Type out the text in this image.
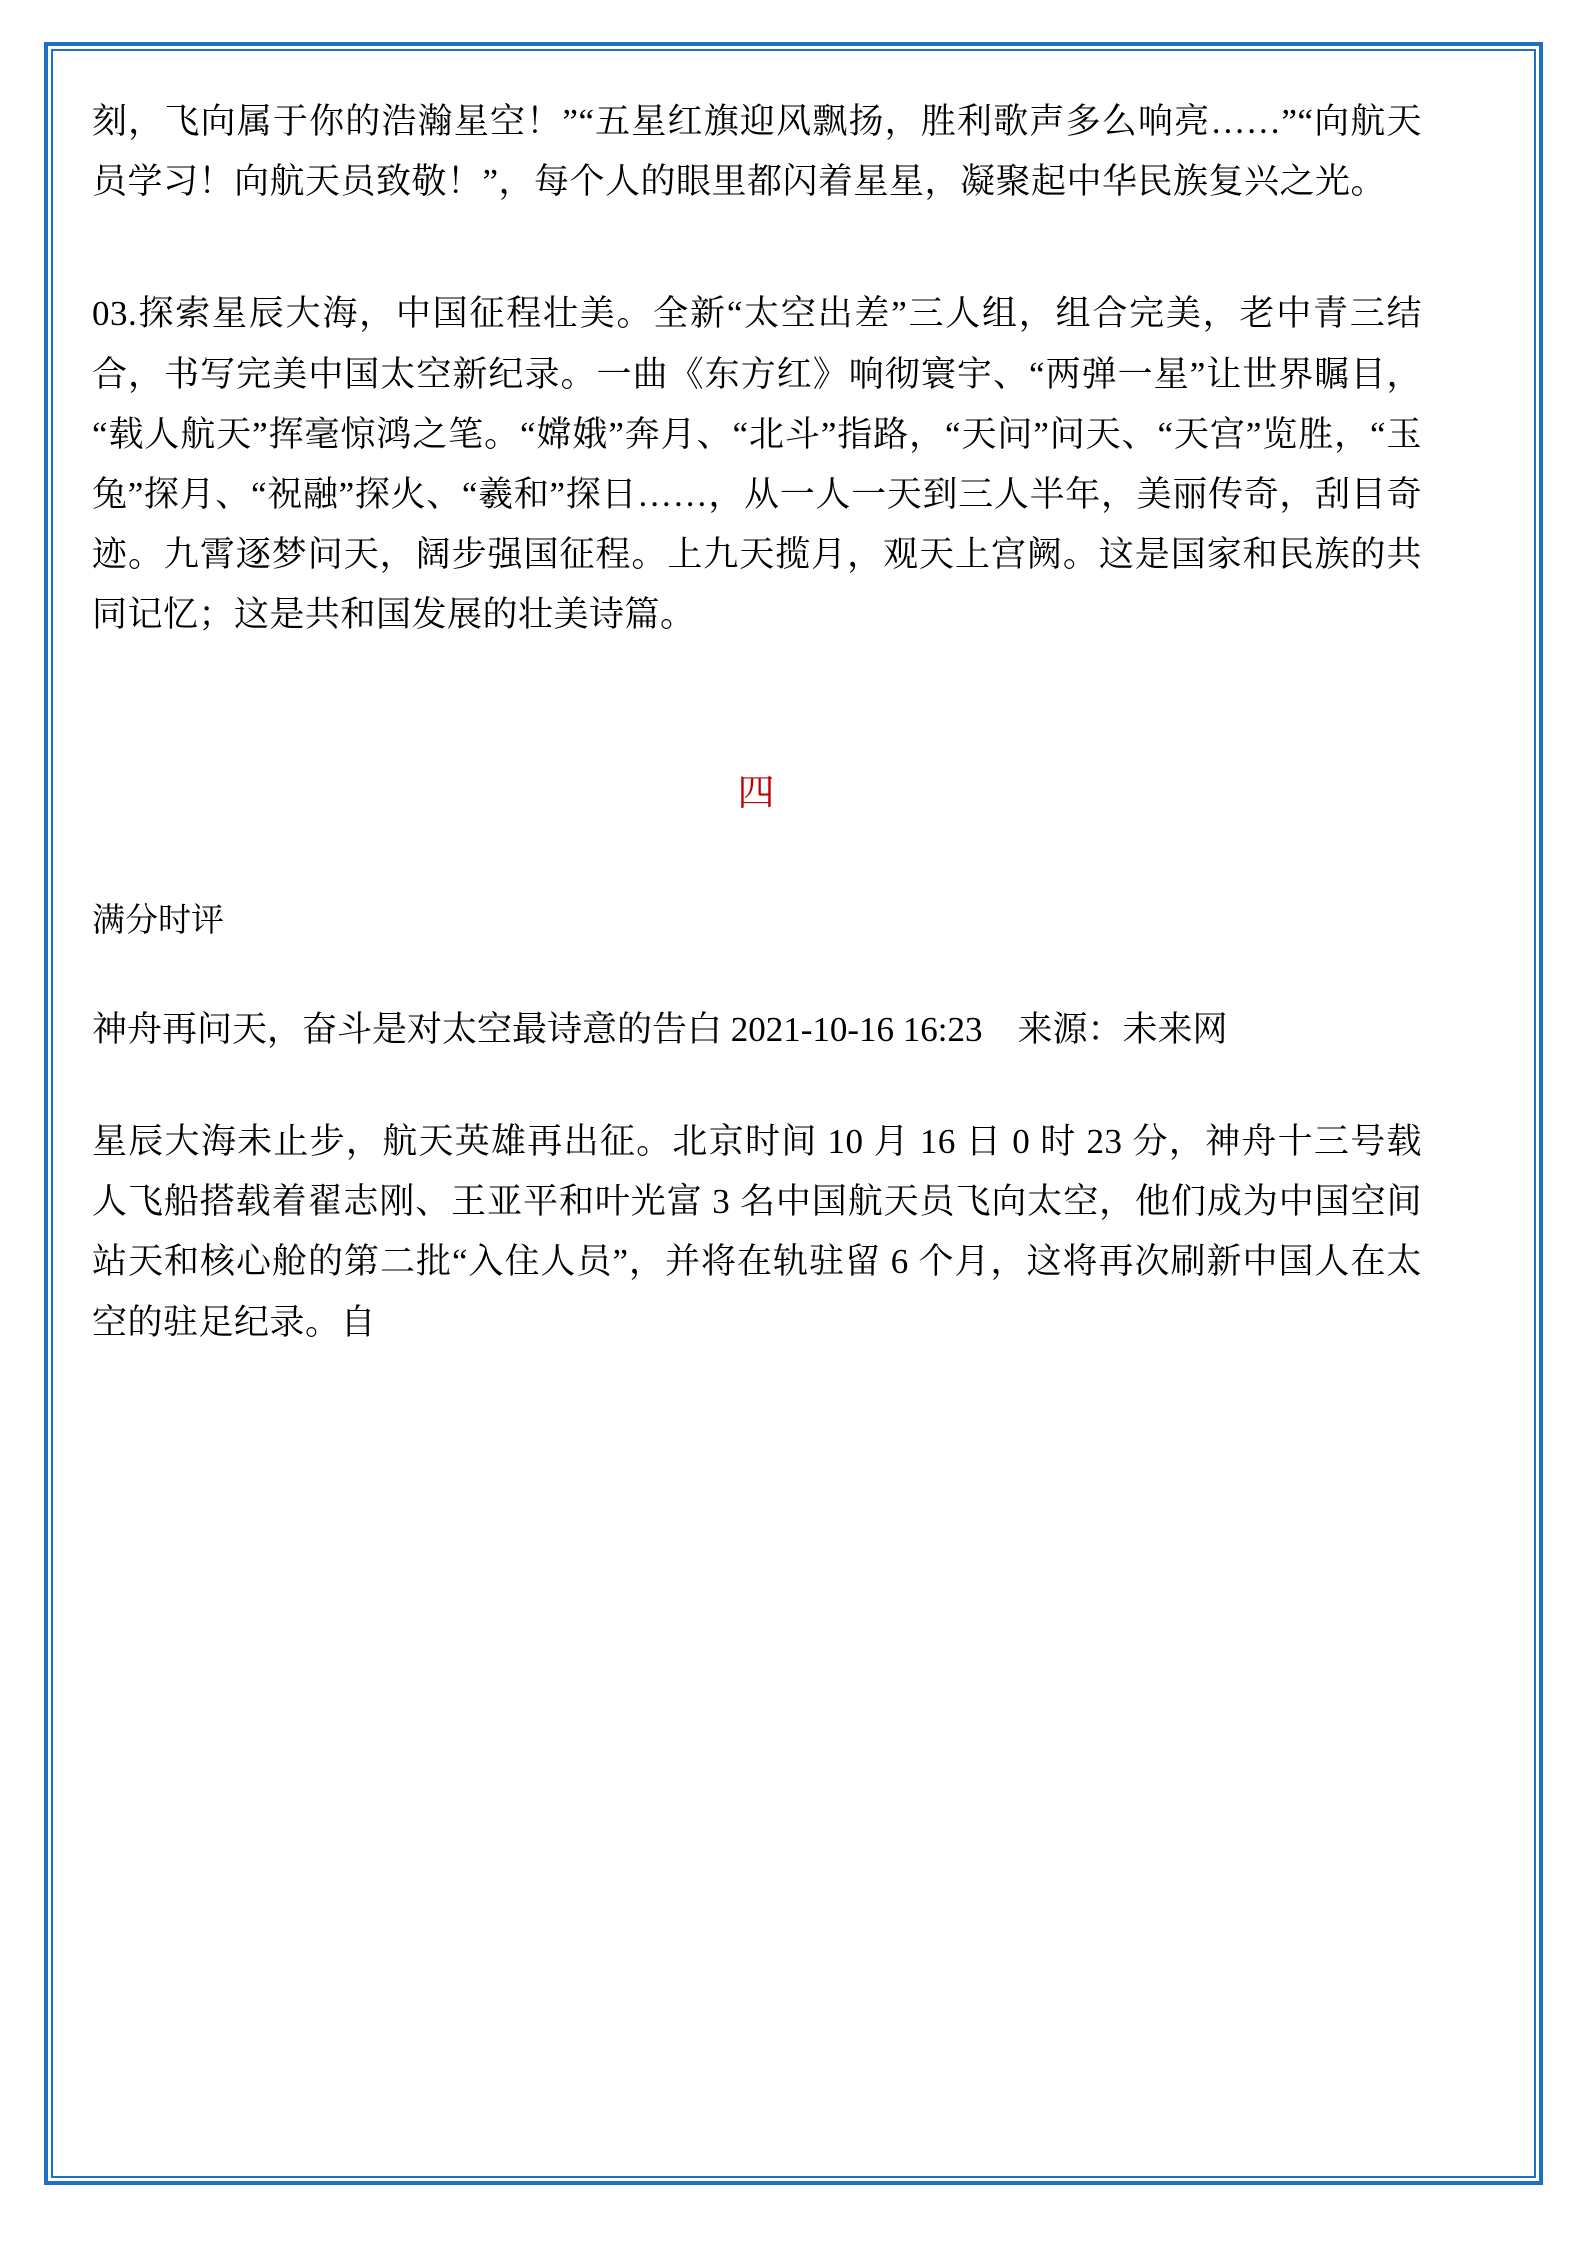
刻，飞向属于你的浩瀚星空！”“五星红旗迎风飘扬，胜利歌声多么响亮……”“向航天员学习！向航天员致敬！”，每个人的眼里都闪着星星，凝聚起中华民族复兴之光。

03.探索星辰大海，中国征程壮美。全新“太空出差”三人组，组合完美，老中青三结合，书写完美中国太空新纪录。一曲《东方红》响彻寰宇、“两弹一星”让世界瞩目，“载人航天”挥毫惊鸿之笔。“嫦娥”奔月、“北斗”指路，“天问”问天、“天宫”览胜，“玉兔”探月、“祝融”探火、“羲和”探日……，从一人一天到三人半年，美丽传奇，刮目奇迹。九霄逐梦问天，阔步强国征程。上九天揽月，观天上宫阙。这是国家和民族的共同记忆；这是共和国发展的壮美诗篇。

四

满分时评

神舟再问天，奋斗是对太空最诗意的告白 2021-10-16 16:23　来源：未来网

星辰大海未止步，航天英雄再出征。北京时间 10 月 16 日 0 时 23 分，神舟十三号载人飞船搭载着翟志刚、王亚平和叶光富 3 名中国航天员飞向太空，他们成为中国空间站天和核心舱的第二批“入住人员”，并将在轨驻留 6 个月，这将再次刷新中国人在太空的驻足纪录。自
